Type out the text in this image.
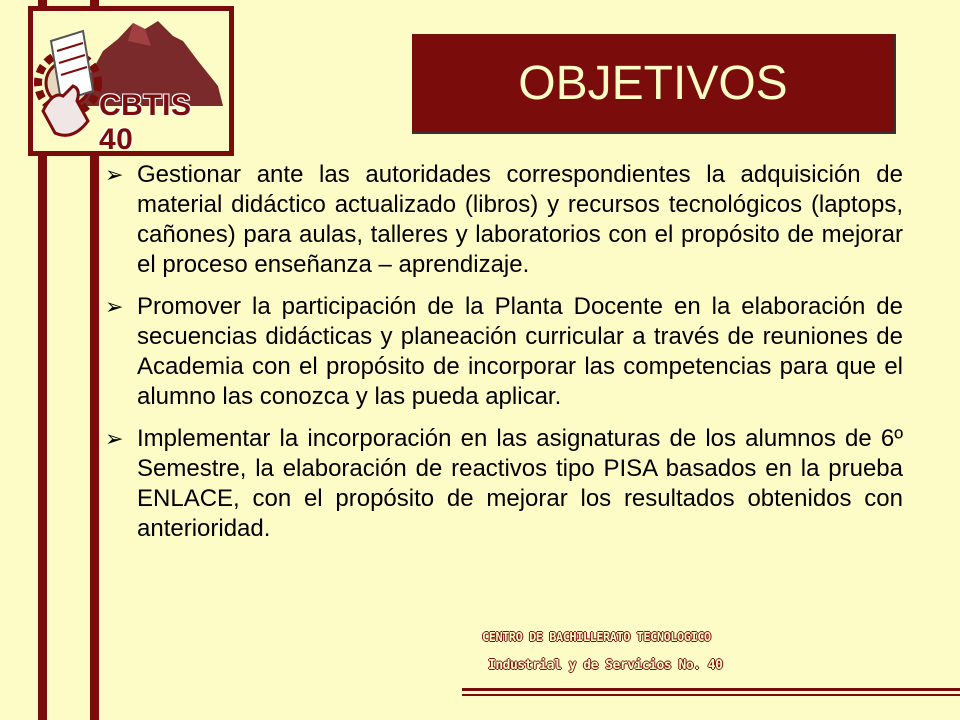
CBTIS 40
OBJETIVOS
➢ Gestionar ante las autoridades correspondientes la adquisición de material didáctico actualizado (libros) y recursos tecnológicos (laptops, cañones) para aulas, talleres y laboratorios con el propósito de mejorar el proceso enseñanza – aprendizaje.
➢ Promover la participación de la Planta Docente en la elaboración de secuencias didácticas y planeación curricular a través de reuniones de Academia con el propósito de incorporar las competencias para que el alumno las conozca y las pueda aplicar.
➢ Implementar la incorporación en las asignaturas de los alumnos de 6º Semestre, la elaboración de reactivos tipo PISA basados en la prueba ENLACE, con el propósito de mejorar los resultados obtenidos con anterioridad.
CENTRO DE BACHILLERATO TECNOLOGICO
Industrial y de Servicios No. 40
